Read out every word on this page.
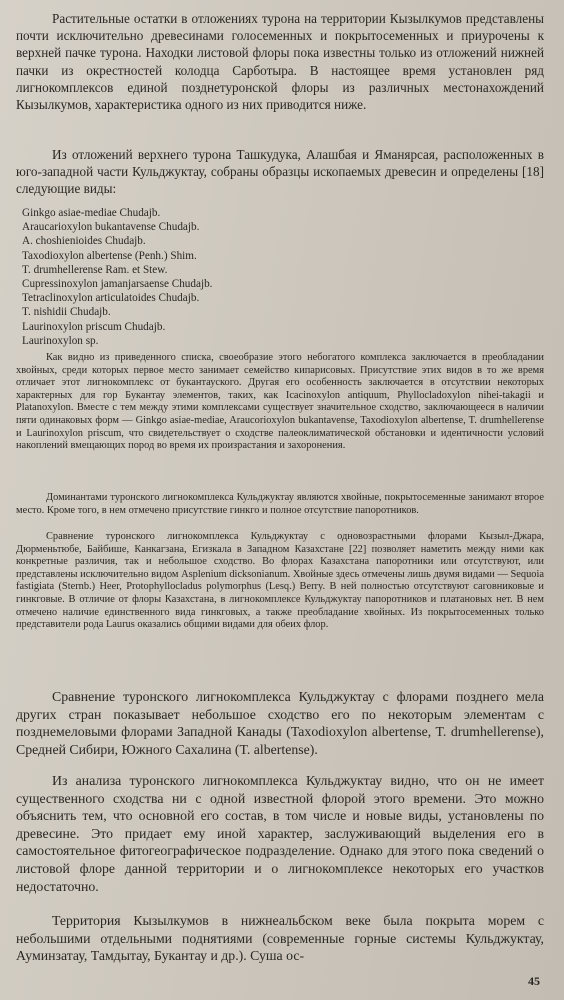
Растительные остатки в отложениях турона на территории Кызылкумов представлены почти исключительно древесинами голосеменных и покрытосеменных и приурочены к верхней пачке турона. Находки листовой флоры пока известны только из отложений нижней пачки из окрестностей колодца Сарботыра. В настоящее время установлен ряд лигнокомплексов единой позднетуронской флоры из различных местонахождений Кызылкумов, характеристика одного из них приводится ниже.

Из отложений верхнего турона Ташкудука, Алашбая и Яманярсая, расположенных в юго-западной части Кульджуктау, собраны образцы ископаемых древесин и определены [18] следующие виды:

Ginkgo asiae-mediae Chudajb.
Araucarioxylon bukantavense Chudajb.
A. choshienioides Chudajb.
Taxodioxylon albertense (Penh.) Shim.
T. drumhellerense Ram. et Stew.
Cupressinoxylon jamanjarsaense Chudajb.
Tetraclinoxylon articulatoides Chudajb.
T. nishidii Chudajb.
Laurinoxylon priscum Chudajb.
Laurinoxylon sp.

Как видно из приведенного списка, своеобразие этого небогатого комплекса заключается в преобладании хвойных, среди которых первое место занимает семейство кипарисовых. Присутствие этих видов в то же время отличает этот лигнокомплекс от букантауского. Другая его особенность заключается в отсутствии некоторых характерных для гор Букантау элементов, таких, как Icacinoxylon antiquum, Phyllocladoxylon nihei-takagii и Platanoxylon. Вместе с тем между этими комплексами существует значительное сходство, заключающееся в наличии пяти одинаковых форм — Ginkgo asiae-mediae, Araucorioxylon bukantavense, Taxodioxylon albertense, T. drumhellerense и Laurinoxylon priscum, что свидетельствует о сходстве палеоклиматической обстановки и идентичности условий накоплений вмещающих пород во время их произрастания и захоронения.

Доминантами туронского лигнокомплекса Кульджуктау являются хвойные, покрытосеменные занимают второе место. Кроме того, в нем отмечено присутствие гинкго и полное отсутствие папоротников.

Сравнение туронского лигнокомплекса Кульджуктау с одновозрастными флорами Кызыл-Джара, Дюрменьтюбе, Байбише, Канкагзана, Егизкала в Западном Казахстане [22] позволяет наметить между ними как конкретные различия, так и небольшое сходство. Во флорах Казахстана папоротники или отсутствуют, или представлены исключительно видом Asplenium dicksonianum. Хвойные здесь отмечены лишь двумя видами — Sequoia fastigiata (Sternb.) Heer, Protophyllocladus polymorphus (Lesq.) Berry. В ней полностью отсутствуют саговниковые и гинкговые. В отличие от флоры Казахстана, в лигнокомплексе Кульджуктау папоротников и платановых нет. В нем отмечено наличие единственного вида гинкговых, а также преобладание хвойных. Из покрытосеменных только представители рода Laurus оказались общими видами для обеих флор.

Сравнение туронского лигнокомплекса Кульджуктау с флорами позднего мела других стран показывает небольшое сходство его по некоторым элементам с позднемеловыми флорами Западной Канады (Taxodioxylon albertense, T. drumhellerense), Средней Сибири, Южного Сахалина (T. albertense).

Из анализа туронского лигнокомплекса Кульджуктау видно, что он не имеет существенного сходства ни с одной известной флорой этого времени. Это можно объяснить тем, что основной его состав, в том числе и новые виды, установлены по древесине. Это придает ему иной характер, заслуживающий выделения его в самостоятельное фитогеографическое подразделение. Однако для этого пока сведений о листовой флоре данной территории и о лигнокомплексе некоторых его участков недостаточно.

Территория Кызылкумов в нижнеальбском веке была покрыта морем с небольшими отдельными поднятиями (современные горные системы Кульджуктау, Ауминзатау, Тамдытау, Букантау и др.). Суша ос-

45
